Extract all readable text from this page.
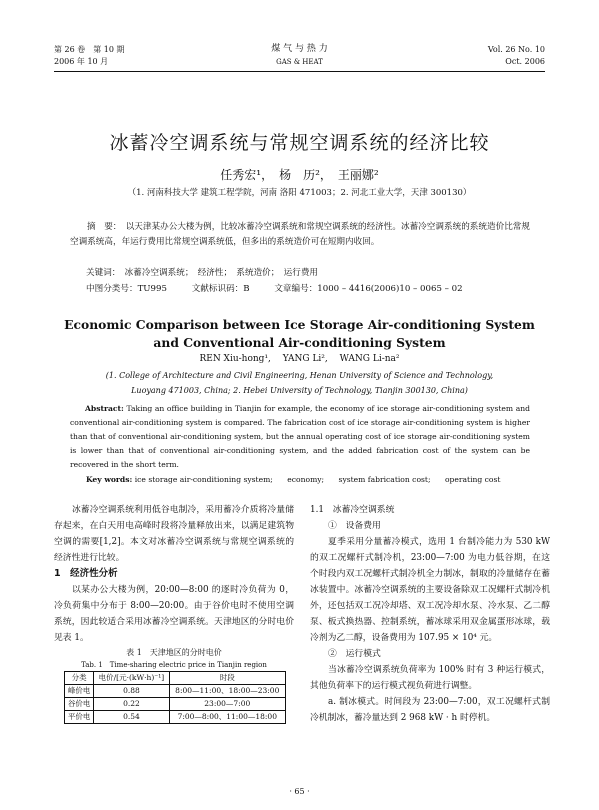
第 26 卷　第 10 期
2006 年 10 月
煤 气 与 热 力
GAS & HEAT
Vol. 26 No. 10
Oct. 2006
冰蓄冷空调系统与常规空调系统的经济比较
任秀宏¹，　杨　历²，　王丽娜²
（1. 河南科技大学 建筑工程学院，河南 洛阳 471003；2. 河北工业大学，天津 300130）
摘　要：　以天津某办公大楼为例，比较冰蓄冷空调系统和常规空调系统的经济性。冰蓄冷空调系统的系统造价比常规空调系统高，年运行费用比常规空调系统低，但多出的系统造价可在短期内收回。
关键词：　冰蓄冷空调系统；　经济性；　系统造价；　运行费用
中图分类号：TU995	文献标识码：B	文章编号：1000 – 4416(2006)10 – 0065 – 02
Economic Comparison between Ice Storage Air-conditioning System
and Conventional Air-conditioning System
REN Xiu-hong¹,　 YANG Li²,　 WANG Li-na²
(1. College of Architecture and Civil Engineering, Henan University of Science and Technology,
Luoyang 471003, China; 2. Hebei University of Technology, Tianjin 300130, China)
Abstract: Taking an office building in Tianjin for example, the economy of ice storage air-conditioning system and conventional air-conditioning system is compared. The fabrication cost of ice storage air-conditioning system is higher than that of conventional air-conditioning system, but the annual operating cost of ice storage air-conditioning system is lower than that of conventional air-conditioning system, and the added fabrication cost of the system can be recovered in the short term.
Key words: ice storage air-conditioning system; economy; system fabrication cost; operating cost

冰蓄冷空调系统利用低谷电制冷，采用蓄冷介质将冷量储存起来，在白天用电高峰时段将冷量释放出来，以满足建筑物空调的需要[1,2]。本文对冰蓄冷空调系统与常规空调系统的经济性进行比较。

1　经济性分析

以某办公大楼为例，20:00—8:00 的逐时冷负荷为 0，冷负荷集中分布于 8:00—20:00。由于谷价电时不使用空调系统，因此较适合采用冰蓄冷空调系统。天津地区的分时电价见表 1。

表 1　天津地区的分时电价

Tab. 1　Time-sharing electric price in Tianjin region

分类	电价/[元·(kW·h)⁻¹]	时段
峰价电	0.88	8:00—11:00、18:00—23:00
谷价电	0.22	23:00—7:00
平价电	0.54	7:00—8:00、11:00—18:00

1.1　冰蓄冷空调系统

①　设备费用

夏季采用分量蓄冷模式，选用 1 台制冷能力为 530 kW 的双工况螺杆式制冷机，23:00—7:00 为电力低谷期，在这个时段内双工况螺杆式制冷机全力制冰，制取的冷量储存在蓄冰装置中。冰蓄冷空调系统的主要设备除双工况螺杆式制冷机外，还包括双工况冷却塔、双工况冷却水泵、冷水泵、乙二醇泵、板式换热器、控制系统，蓄冰球采用双金属蛋形冰球，载冷剂为乙二醇，设备费用为 107.95 × 10⁴ 元。

②　运行模式

当冰蓄冷空调系统负荷率为 100% 时有 3 种运行模式，其他负荷率下的运行模式视负荷进行调整。

a. 制冰模式。时间段为 23:00—7:00，双工况螺杆式制冷机制冰，蓄冷量达到 2 968 kW · h 时停机。

· 65 ·
